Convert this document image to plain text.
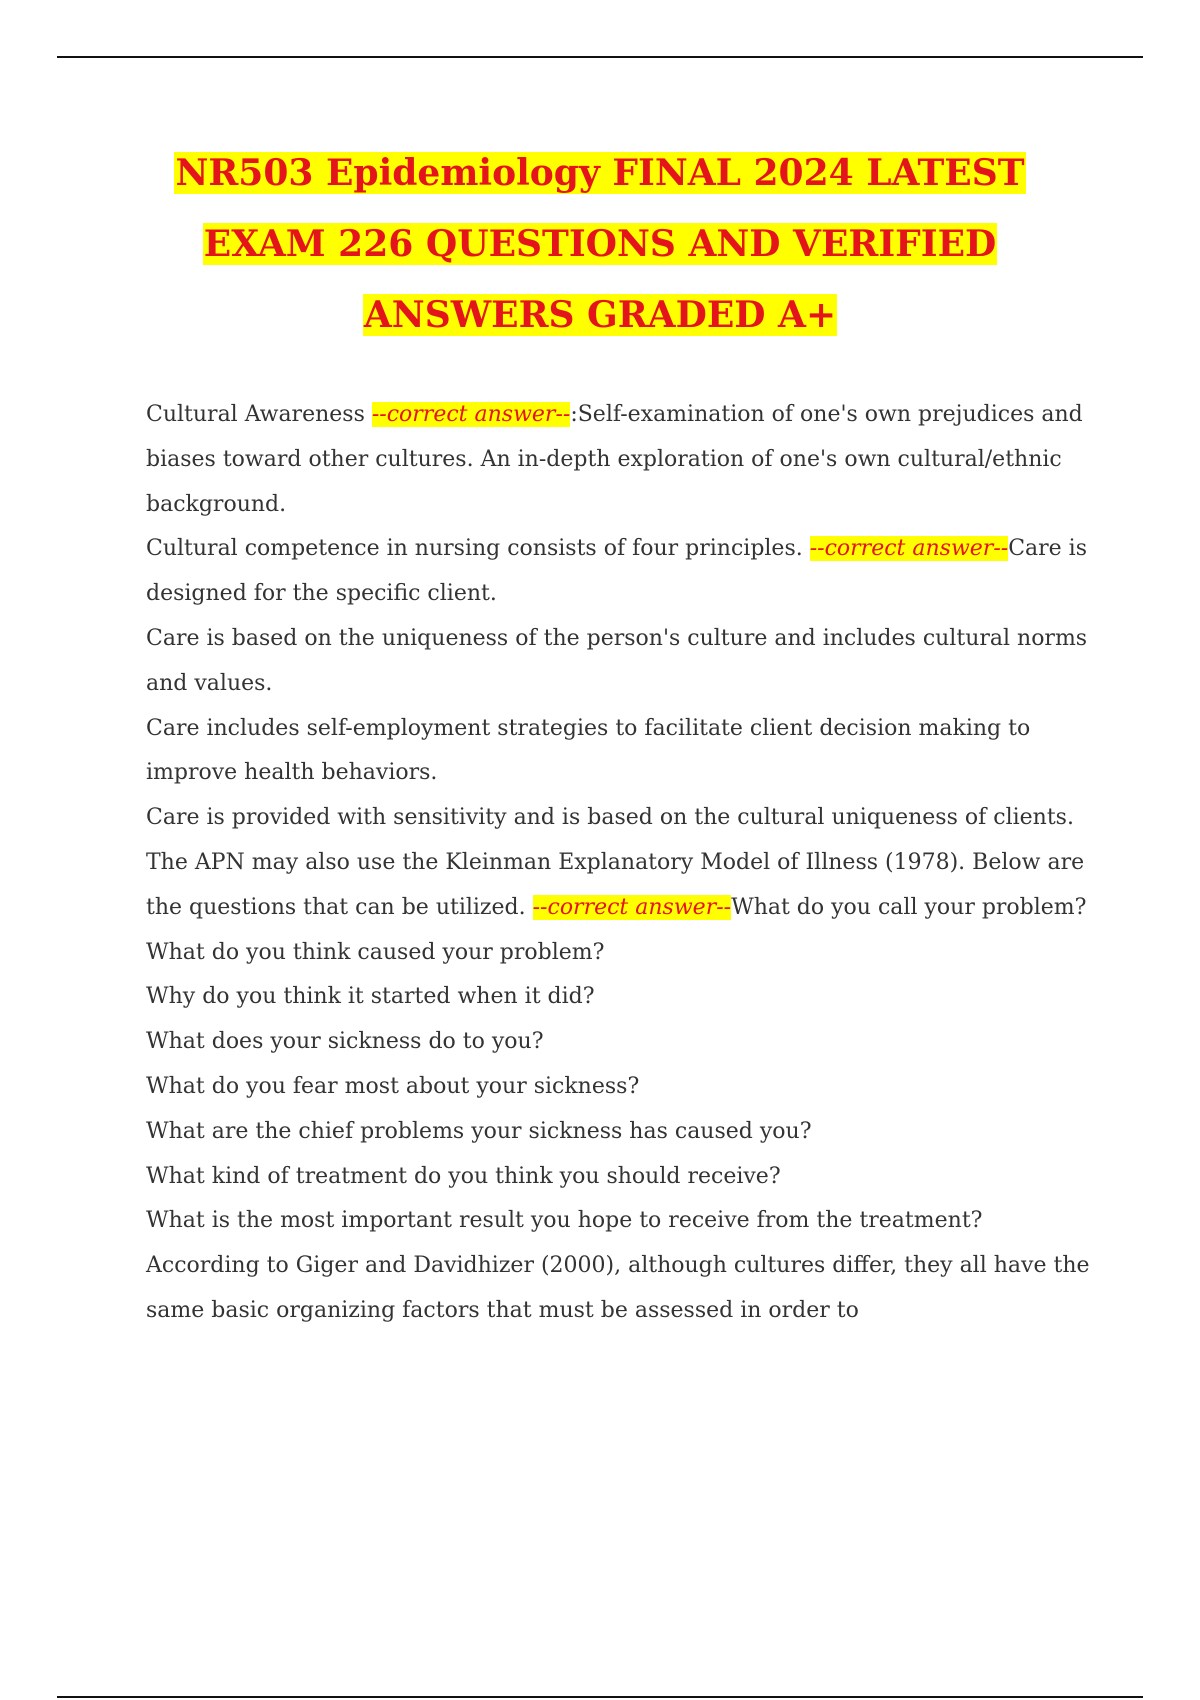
NR503 Epidemiology FINAL 2024 LATEST
EXAM 226 QUESTIONS AND VERIFIED
ANSWERS GRADED A+

Cultural Awareness --correct answer--:Self-examination of one's own prejudices and biases toward other cultures. An in-depth exploration of one's own cultural/ethnic background.

Cultural competence in nursing consists of four principles. --correct answer--Care is designed for the specific client.

Care is based on the uniqueness of the person's culture and includes cultural norms and values.

Care includes self-employment strategies to facilitate client decision making to improve health behaviors.

Care is provided with sensitivity and is based on the cultural uniqueness of clients.

The APN may also use the Kleinman Explanatory Model of Illness (1978). Below are the questions that can be utilized. --correct answer--What do you call your problem?

What do you think caused your problem?

Why do you think it started when it did?

What does your sickness do to you?

What do you fear most about your sickness?

What are the chief problems your sickness has caused you?

What kind of treatment do you think you should receive?

What is the most important result you hope to receive from the treatment?

According to Giger and Davidhizer (2000), although cultures differ, they all have the same basic organizing factors that must be assessed in order to
